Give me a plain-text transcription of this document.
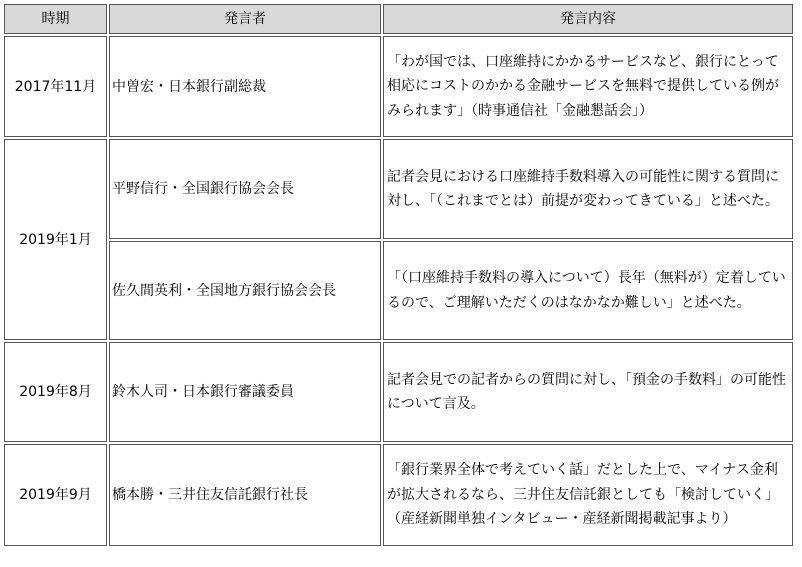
時期	発言者	発言内容
2017年11月	中曽宏・日本銀行副総裁	「わが国では、口座維持にかかるサービスなど、銀行にとって相応にコストのかかる金融サービスを無料で提供している例がみられます」（時事通信社「金融懇話会」）
2019年1月	平野信行・全国銀行協会会長	記者会見における口座維持手数料導入の可能性に関する質問に対し、「（これまでとは）前提が変わってきている」と述べた。
	佐久間英利・全国地方銀行協会会長	「（口座維持手数料の導入について）長年（無料が）定着しているので、ご理解いただくのはなかなか難しい」と述べた。
2019年8月	鈴木人司・日本銀行審議委員	記者会見での記者からの質問に対し、「預金の手数料」の可能性について言及。
2019年9月	橋本勝・三井住友信託銀行社長	「銀行業界全体で考えていく話」だとした上で、マイナス金利が拡大されるなら、三井住友信託銀としても「検討していく」（産経新聞単独インタビュー・産経新聞掲載記事より）
